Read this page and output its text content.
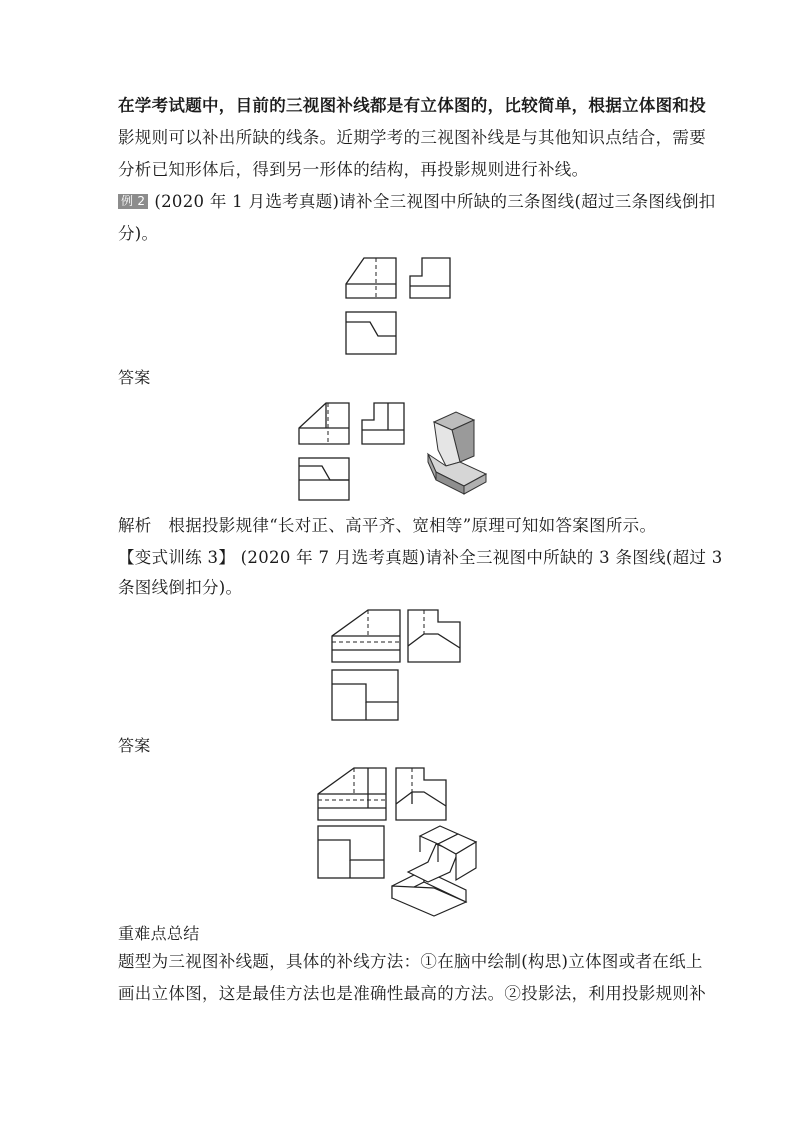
在学考试题中，目前的三视图补线都是有立体图的，比较简单，根据立体图和投
影规则可以补出所缺的线条。近期学考的三视图补线是与其他知识点结合，需要
分析已知形体后，得到另一形体的结构，再投影规则进行补线。
例 2 (2020 年 1 月选考真题)请补全三视图中所缺的三条图线(超过三条图线倒扣
分)。
答案
解析　根据投影规律“长对正、高平齐、宽相等”原理可知如答案图所示。
【变式训练 3】 (2020 年 7 月选考真题)请补全三视图中所缺的 3 条图线(超过 3
条图线倒扣分)。
答案
重难点总结
题型为三视图补线题，具体的补线方法：①在脑中绘制(构思)立体图或者在纸上
画出立体图，这是最佳方法也是准确性最高的方法。②投影法，利用投影规则补
